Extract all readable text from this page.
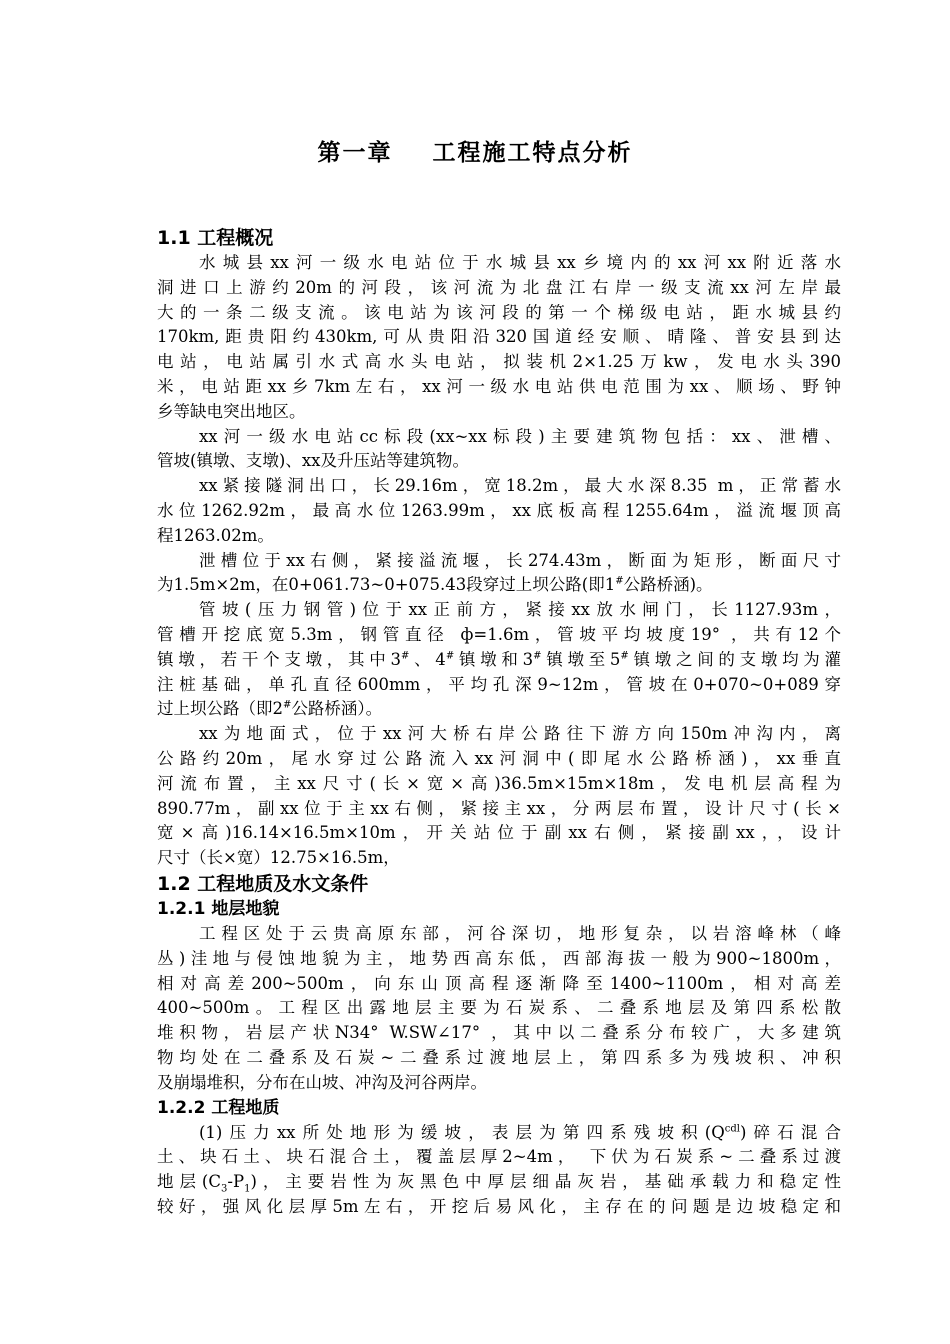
第一章    工程施工特点分析
1.1 工程概况
水城县xx河一级水电站位于水城县xx乡境内的xx河xx附近落水
洞进口上游约20m的河段，该河流为北盘江右岸一级支流xx河左岸最
大的一条二级支流。该电站为该河段的第一个梯级电站，距水城县约
170km,距贵阳约430km,可从贵阳沿320国道经安顺、晴隆、普安县到达
电站，电站属引水式高水头电站，拟装机2×1.25万kw，发电水头390
米，电站距xx乡7km左右，xx河一级水电站供电范围为xx、顺场、野钟
乡等缺电突出地区。
xx河一级水电站cc标段(xx~xx标段)主要建筑物包括：xx、泄槽、
管坡(镇墩、支墩)、xx及升压站等建筑物。
xx紧接隧洞出口，长29.16m，宽18.2m，最大水深8.35 m，正常蓄水
水位1262.92m，最高水位1263.99m，xx底板高程1255.64m，溢流堰顶高
程1263.02m。
泄槽位于xx右侧，紧接溢流堰，长274.43m，断面为矩形，断面尺寸
为1.5m×2m，在0+061.73~0+075.43段穿过上坝公路(即1#公路桥涵)。
管坡(压力钢管)位于xx正前方，紧接xx放水闸门，长1127.93m，
管槽开挖底宽5.3m，钢管直径 ф=1.6m，管坡平均坡度19° ，共有12个
镇墩，若干个支墩，其中3#、4#镇墩和3#镇墩至5#镇墩之间的支墩均为灌
注桩基础，单孔直径600mm，平均孔深9~12m，管坡在0+070~0+089穿
过上坝公路（即2#公路桥涵）。
xx为地面式，位于xx河大桥右岸公路往下游方向150m冲沟内，离
公路约20m，尾水穿过公路流入xx河洞中(即尾水公路桥涵)，xx垂直
河流布置，主xx尺寸(长×宽×高)36.5m×15m×18m，发电机层高程为
890.77m，副xx位于主xx右侧，紧接主xx，分两层布置，设计尺寸(长×
宽×高)16.14×16.5m×10m，开关站位于副xx右侧，紧接副xx，，设计
尺寸（长×宽）12.75×16.5m，
1.2 工程地质及水文条件
1.2.1 地层地貌
工程区处于云贵高原东部，河谷深切，地形复杂，以岩溶峰林（峰
丛)洼地与侵蚀地貌为主，地势西高东低，西部海拔一般为900~1800m，
相对高差200~500m，向东山顶高程逐渐降至1400~1100m，相对高差
400~500m。工程区出露地层主要为石炭系、二叠系地层及第四系松散
堆积物，岩层产状N34° W.SW∠17° ，其中以二叠系分布较广，大多建筑
物均处在二叠系及石炭~二叠系过渡地层上，第四系多为残坡积、冲积
及崩塌堆积，分布在山坡、冲沟及河谷两岸。
1.2.2 工程地质
(1)压力xx所处地形为缓坡，表层为第四系残坡积$(Q^{cdl})$碎石混合
土、块石土、块石混合土，覆盖层厚2~4m， 下伏为石炭系~二叠系过渡
地层$(C_3-P_1)$，主要岩性为灰黑色中厚层细晶灰岩，基础承载力和稳定性
较好，强风化层厚5m左右，开挖后易风化，主存在的问题是边坡稳定和
